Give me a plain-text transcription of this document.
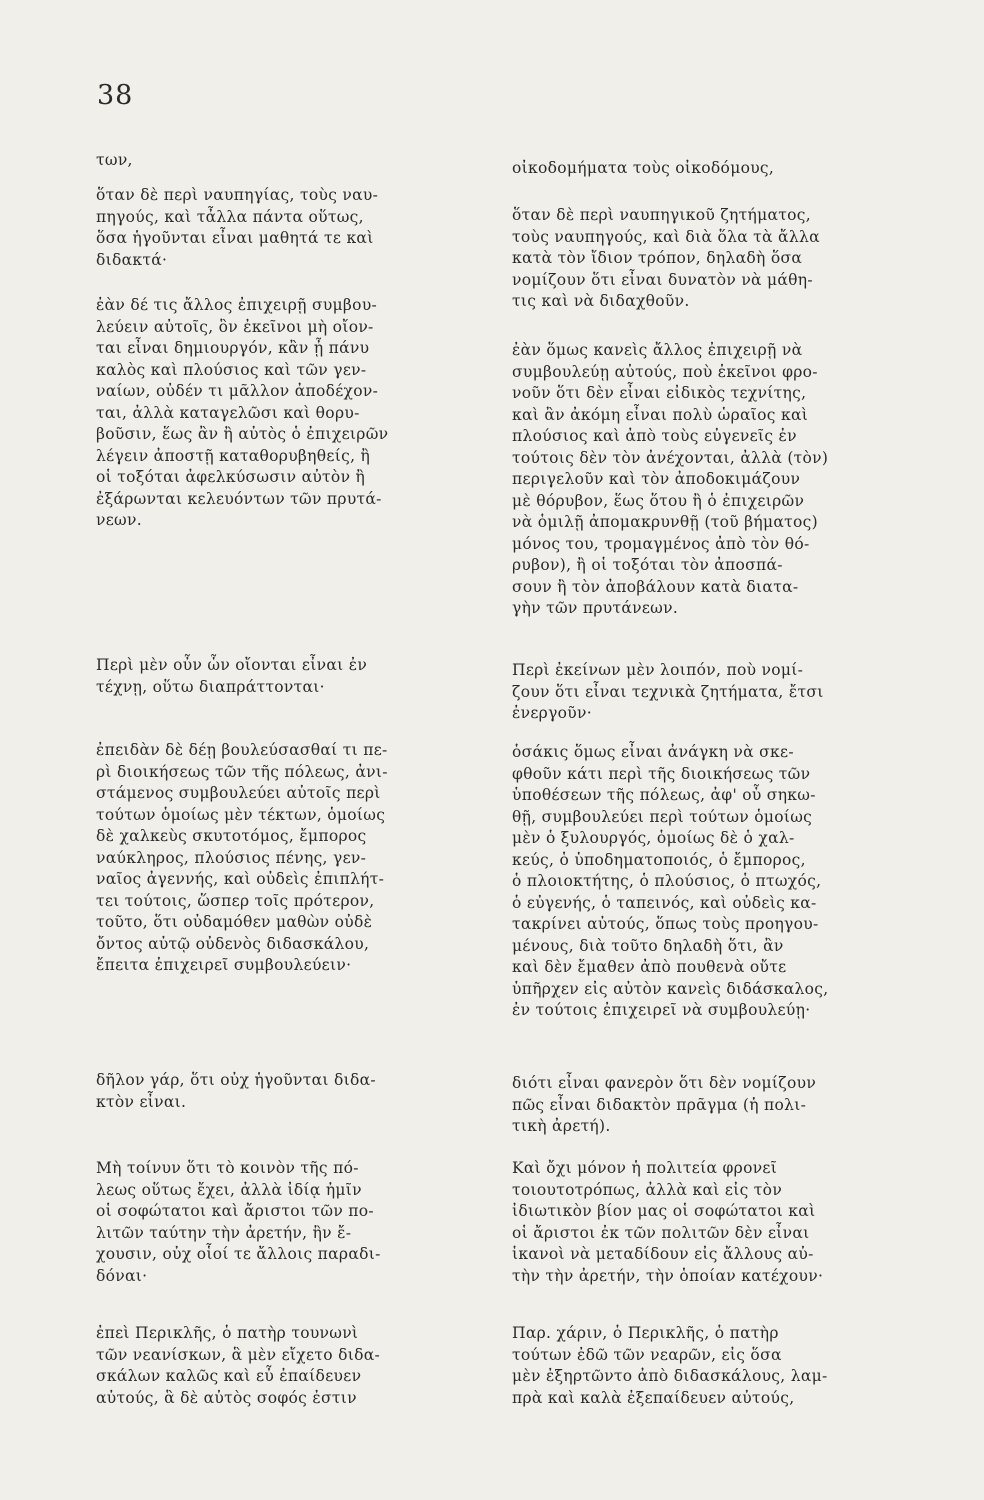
38

των,

ὅταν δὲ περὶ ναυπηγίας, τοὺς ναυ-
πηγούς, καὶ τἆλλα πάντα οὕτως,
ὅσα ἡγοῦνται εἶναι μαθητά τε καὶ
διδακτά·

ἐὰν δέ τις ἄλλος ἐπιχειρῇ συμβου-
λεύειν αὐτοῖς, ὃν ἐκεῖνοι μὴ οἴον-
ται εἶναι δημιουργόν, κἂν ᾖ πάνυ
καλὸς καὶ πλούσιος καὶ τῶν γεν-
ναίων, οὐδέν τι μᾶλλον ἀποδέχον-
ται, ἀλλὰ καταγελῶσι καὶ θορυ-
βοῦσιν, ἕως ἂν ἢ αὐτὸς ὁ ἐπιχειρῶν
λέγειν ἀποστῇ καταθορυβηθείς, ἢ
οἱ τοξόται ἀφελκύσωσιν αὐτὸν ἢ
ἐξάρωνται κελευόντων τῶν πρυτά-
νεων.

Περὶ μὲν οὖν ὧν οἴονται εἶναι ἐν
τέχνῃ, οὕτω διαπράττονται·

ἐπειδὰν δὲ δέῃ βουλεύσασθαί τι πε-
ρὶ διοικήσεως τῶν τῆς πόλεως, ἀνι-
στάμενος συμβουλεύει αὐτοῖς περὶ
τούτων ὁμοίως μὲν τέκτων, ὁμοίως
δὲ χαλκεὺς σκυτοτόμος, ἔμπορος
ναύκληρος, πλούσιος πένης, γεν-
ναῖος ἀγεννής, καὶ οὐδεὶς ἐπιπλήτ-
τει τούτοις, ὥσπερ τοῖς πρότερον,
τοῦτο, ὅτι οὐδαμόθεν μαθὼν οὐδὲ
ὄντος αὐτῷ οὐδενὸς διδασκάλου,
ἔπειτα ἐπιχειρεῖ συμβουλεύειν·

δῆλον γάρ, ὅτι οὐχ ἡγοῦνται διδα-
κτὸν εἶναι.

Μὴ τοίνυν ὅτι τὸ κοινὸν τῆς πό-
λεως οὕτως ἔχει, ἀλλὰ ἰδίᾳ ἡμῖν
οἱ σοφώτατοι καὶ ἄριστοι τῶν πο-
λιτῶν ταύτην τὴν ἀρετήν, ἣν ἔ-
χουσιν, οὐχ οἷοί τε ἄλλοις παραδι-
δόναι·

ἐπεὶ Περικλῆς, ὁ πατὴρ τουνωνὶ
τῶν νεανίσκων, ἃ μὲν εἴχετο διδα-
σκάλων καλῶς καὶ εὖ ἐπαίδευεν
αὐτούς, ἃ δὲ αὐτὸς σοφός ἐστιν

οἰκοδομήματα τοὺς οἰκοδόμους,

ὅταν δὲ περὶ ναυπηγικοῦ ζητήματος,
τοὺς ναυπηγούς, καὶ διὰ ὅλα τὰ ἄλλα
κατὰ τὸν ἴδιον τρόπον, δηλαδὴ ὅσα
νομίζουν ὅτι εἶναι δυνατὸν νὰ μάθη-
τις καὶ νὰ διδαχθοῦν.

ἐὰν ὅμως κανεὶς ἄλλος ἐπιχειρῇ νὰ
συμβουλεύῃ αὐτούς, ποὺ ἐκεῖνοι φρο-
νοῦν ὅτι δὲν εἶναι εἰδικὸς τεχνίτης,
καὶ ἂν ἀκόμη εἶναι πολὺ ὡραῖος καὶ
πλούσιος καὶ ἀπὸ τοὺς εὐγενεῖς ἐν
τούτοις δὲν τὸν ἀνέχονται, ἀλλὰ (τὸν)
περιγελοῦν καὶ τὸν ἀποδοκιμάζουν
μὲ θόρυβον, ἕως ὅτου ἢ ὁ ἐπιχειρῶν
νὰ ὁμιλῇ ἀπομακρυνθῇ (τοῦ βήματος)
μόνος του, τρομαγμένος ἀπὸ τὸν θό-
ρυβον), ἢ οἱ τοξόται τὸν ἀποσπά-
σουν ἢ τὸν ἀποβάλουν κατὰ διατα-
γὴν τῶν πρυτάνεων.

Περὶ ἐκείνων μὲν λοιπόν, ποὺ νομί-
ζουν ὅτι εἶναι τεχνικὰ ζητήματα, ἔτσι
ἐνεργοῦν·

ὁσάκις ὅμως εἶναι ἀνάγκη νὰ σκε-
φθοῦν κάτι περὶ τῆς διοικήσεως τῶν
ὑποθέσεων τῆς πόλεως, ἀφ' οὗ σηκω-
θῇ, συμβουλεύει περὶ τούτων ὁμοίως
μὲν ὁ ξυλουργός, ὁμοίως δὲ ὁ χαλ-
κεύς, ὁ ὑποδηματοποιός, ὁ ἔμπορος,
ὁ πλοιοκτήτης, ὁ πλούσιος, ὁ πτωχός,
ὁ εὐγενής, ὁ ταπεινός, καὶ οὐδεὶς κα-
τακρίνει αὐτούς, ὅπως τοὺς προηγου-
μένους, διὰ τοῦτο δηλαδὴ ὅτι, ἂν
καὶ δὲν ἔμαθεν ἀπὸ πουθενὰ οὔτε
ὑπῆρχεν εἰς αὐτὸν κανεὶς διδάσκαλος,
ἐν τούτοις ἐπιχειρεῖ νὰ συμβουλεύῃ·

διότι εἶναι φανερὸν ὅτι δὲν νομίζουν
πῶς εἶναι διδακτὸν πρᾶγμα (ἡ πολι-
τικὴ ἀρετή).

Καὶ ὄχι μόνον ἡ πολιτεία φρονεῖ
τοιουτοτρόπως, ἀλλὰ καὶ εἰς τὸν
ἰδιωτικὸν βίον μας οἱ σοφώτατοι καὶ
οἱ ἄριστοι ἐκ τῶν πολιτῶν δὲν εἶναι
ἱκανοὶ νὰ μεταδίδουν εἰς ἄλλους αὐ-
τὴν τὴν ἀρετήν, τὴν ὁποίαν κατέχουν·

Παρ. χάριν, ὁ Περικλῆς, ὁ πατὴρ
τούτων ἐδῶ τῶν νεαρῶν, εἰς ὅσα
μὲν ἐξηρτῶντο ἀπὸ διδασκάλους, λαμ-
πρὰ καὶ καλὰ ἐξεπαίδευεν αὐτούς,
